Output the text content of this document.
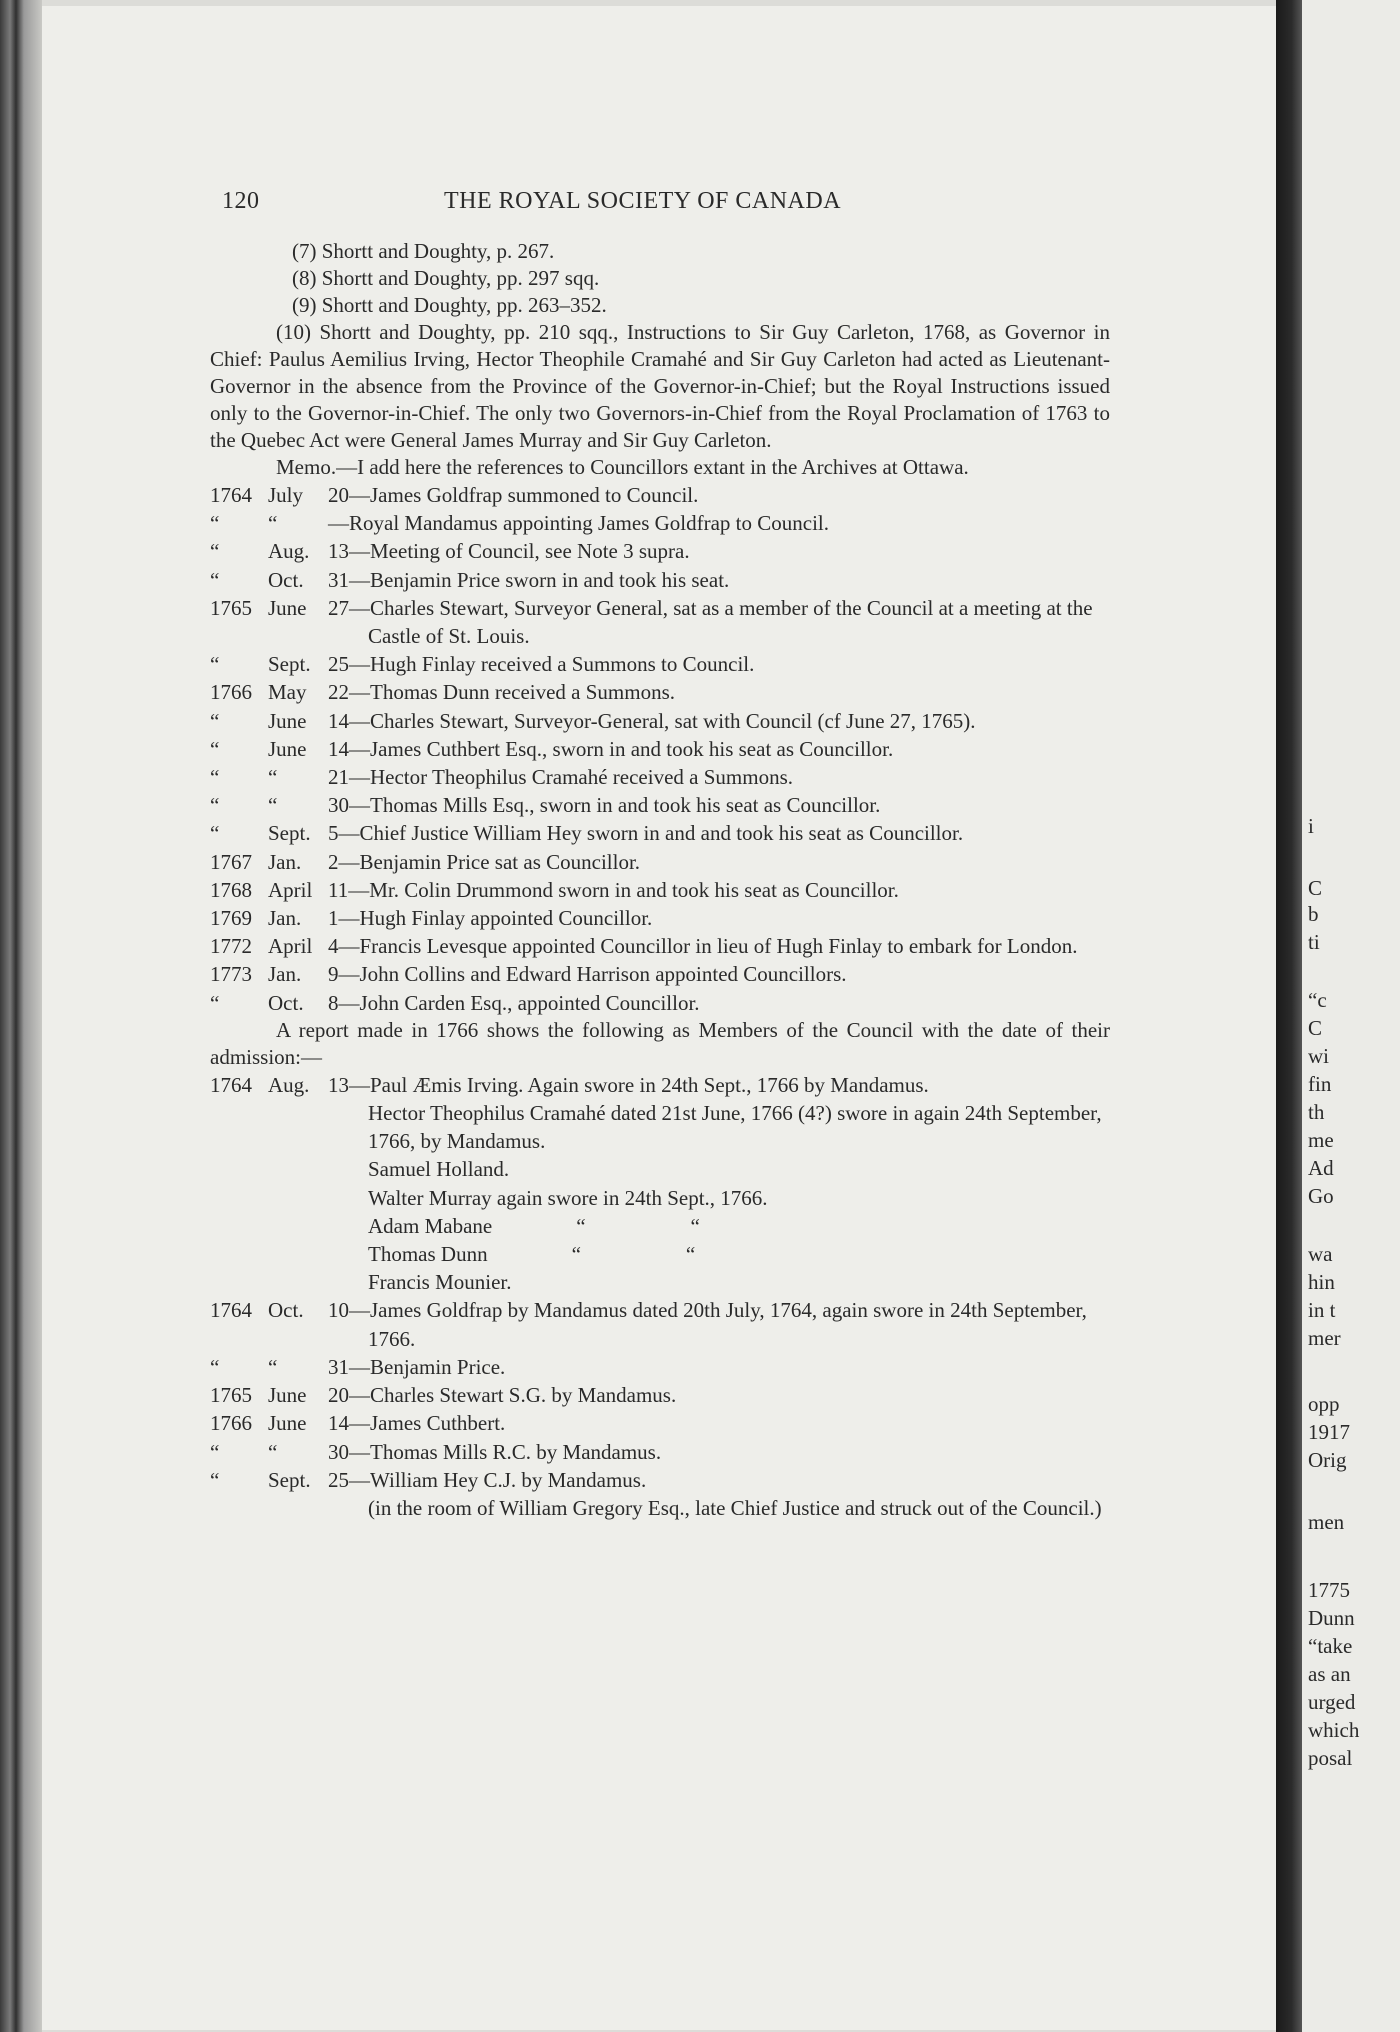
i
C
b
ti
“c
C
wi
fin
th
me
Ad
Go
wa
hin
in t
mer
opp
1917
Orig
men
1775
Dunn
“take
as an
urged
which
posal
120	THE ROYAL SOCIETY OF CANADA

(7) Shortt and Doughty, p. 267.

(8) Shortt and Doughty, pp. 297 sqq.

(9) Shortt and Doughty, pp. 263–352.

(10) Shortt and Doughty, pp. 210 sqq., Instructions to Sir Guy Carleton, 1768, as Governor in Chief: Paulus Aemilius Irving, Hector Theophile Cramahé and Sir Guy Carleton had acted as Lieutenant-Governor in the absence from the Province of the Governor-in-Chief; but the Royal Instructions issued only to the Governor-in-Chief. The only two Governors-in-Chief from the Royal Proclamation of 1763 to the Quebec Act were General James Murray and Sir Guy Carleton.

Memo.—I add here the references to Councillors extant in the Archives at Ottawa.

1764 July	20—James Goldfrap summoned to Council.
“	“	—Royal Mandamus appointing James Goldfrap to Council.
“	Aug. 13—Meeting of Council, see Note 3 supra.
“	Oct.	31—Benjamin Price sworn in and took his seat.
1765 June	27—Charles Stewart, Surveyor General, sat as a member of the Council at a meeting at the Castle of St. Louis.
“	Sept. 25—Hugh Finlay received a Summons to Council.
1766 May	22—Thomas Dunn received a Summons.
“	June	14—Charles Stewart, Surveyor-General, sat with Council (cf June 27, 1765).
“	June	14—James Cuthbert Esq., sworn in and took his seat as Councillor.
“	“	21—Hector Theophilus Cramahé received a Summons.
“	“	30—Thomas Mills Esq., sworn in and took his seat as Councillor.
“	Sept. 5—Chief Justice William Hey sworn in and and took his seat as Councillor.
1767 Jan.	2—Benjamin Price sat as Councillor.
1768 April 11—Mr. Colin Drummond sworn in and took his seat as Councillor.
1769 Jan.	1—Hugh Finlay appointed Councillor.
1772 April 4—Francis Levesque appointed Councillor in lieu of Hugh Finlay to embark for London.
1773 Jan.	9—John Collins and Edward Harrison appointed Councillors.
“	Oct.	8—John Carden Esq., appointed Councillor.

A report made in 1766 shows the following as Members of the Council with the date of their admission:—

1764 Aug. 13—Paul Æmis Irving. Again swore in 24th Sept., 1766 by Mandamus.
Hector Theophilus Cramahé dated 21st June, 1766 (4?) swore in again 24th September, 1766, by Mandamus.
Samuel Holland.
Walter Murray again swore in 24th Sept., 1766.
Adam Mabane                “                    “
Thomas Dunn                “                    “
Francis Mounier.
1764 Oct.	10—James Goldfrap by Mandamus dated 20th July, 1764, again swore in 24th September, 1766.
“	“	31—Benjamin Price.
1765 June	20—Charles Stewart S.G. by Mandamus.
1766 June	14—James Cuthbert.
“	“	30—Thomas Mills R.C. by Mandamus.
“	Sept. 25—William Hey C.J. by Mandamus.
(in the room of William Gregory Esq., late Chief Justice and struck out of the Council.)
